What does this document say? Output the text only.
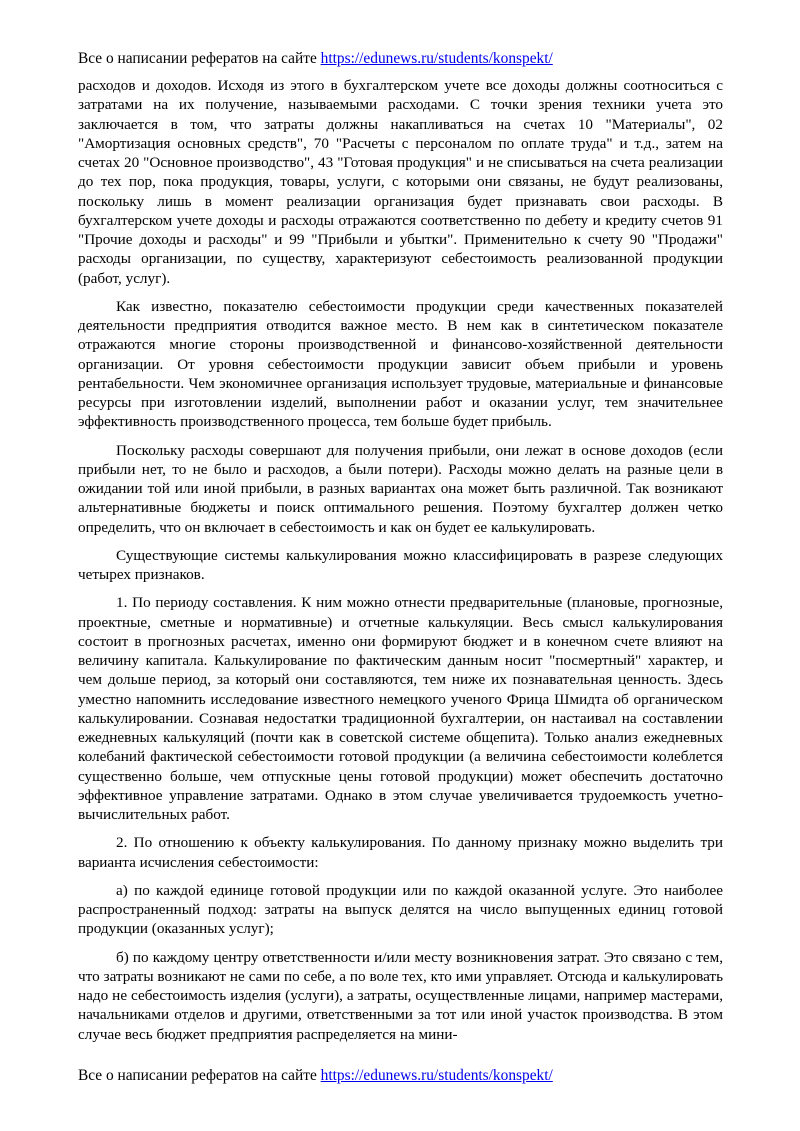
Все о написании рефератов на сайте https://edunews.ru/students/konspekt/

расходов и доходов. Исходя из этого в бухгалтерском учете все доходы должны соотноситься с затратами на их получение, называемыми расходами. С точки зрения техники учета это заключается в том, что затраты должны накапливаться на счетах 10 "Материалы", 02 "Амортизация основных средств", 70 "Расчеты с персоналом по оплате труда" и т.д., затем на счетах 20 "Основное производство", 43 "Готовая продукция" и не списываться на счета реализации до тех пор, пока продукция, товары, услуги, с которыми они связаны, не будут реализованы, поскольку лишь в момент реализации организация будет признавать свои расходы. В бухгалтерском учете доходы и расходы отражаются соответственно по дебету и кредиту счетов 91 "Прочие доходы и расходы" и 99 "Прибыли и убытки". Применительно к счету 90 "Продажи" расходы организации, по существу, характеризуют себестоимость реализованной продукции (работ, услуг).

Как известно, показателю себестоимости продукции среди качественных показателей деятельности предприятия отводится важное место. В нем как в синтетическом показателе отражаются многие стороны производственной и финансово-хозяйственной деятельности организации. От уровня себестоимости продукции зависит объем прибыли и уровень рентабельности. Чем экономичнее организация использует трудовые, материальные и финансовые ресурсы при изготовлении изделий, выполнении работ и оказании услуг, тем значительнее эффективность производственного процесса, тем больше будет прибыль.

Поскольку расходы совершают для получения прибыли, они лежат в основе доходов (если прибыли нет, то не было и расходов, а были потери). Расходы можно делать на разные цели в ожидании той или иной прибыли, в разных вариантах она может быть различной. Так возникают альтернативные бюджеты и поиск оптимального решения. Поэтому бухгалтер должен четко определить, что он включает в себестоимость и как он будет ее калькулировать.

Существующие системы калькулирования можно классифицировать в разрезе следующих четырех признаков.

1. По периоду составления. К ним можно отнести предварительные (плановые, прогнозные, проектные, сметные и нормативные) и отчетные калькуляции. Весь смысл калькулирования состоит в прогнозных расчетах, именно они формируют бюджет и в конечном счете влияют на величину капитала. Калькулирование по фактическим данным носит "посмертный" характер, и чем дольше период, за который они составляются, тем ниже их познавательная ценность. Здесь уместно напомнить исследование известного немецкого ученого Фрица Шмидта об органическом калькулировании. Сознавая недостатки традиционной бухгалтерии, он настаивал на составлении ежедневных калькуляций (почти как в советской системе общепита). Только анализ ежедневных колебаний фактической себестоимости готовой продукции (а величина себестоимости колеблется существенно больше, чем отпускные цены готовой продукции) может обеспечить достаточно эффективное управление затратами. Однако в этом случае увеличивается трудоемкость учетно-вычислительных работ.

2. По отношению к объекту калькулирования. По данному признаку можно выделить три варианта исчисления себестоимости:

а) по каждой единице готовой продукции или по каждой оказанной услуге. Это наиболее распространенный подход: затраты на выпуск делятся на число выпущенных единиц готовой продукции (оказанных услуг);

б) по каждому центру ответственности и/или месту возникновения затрат. Это связано с тем, что затраты возникают не сами по себе, а по воле тех, кто ими управляет. Отсюда и калькулировать надо не себестоимость изделия (услуги), а затраты, осуществленные лицами, например мастерами, начальниками отделов и другими, ответственными за тот или иной участок производства. В этом случае весь бюджет предприятия распределяется на мини-

Все о написании рефератов на сайте https://edunews.ru/students/konspekt/
